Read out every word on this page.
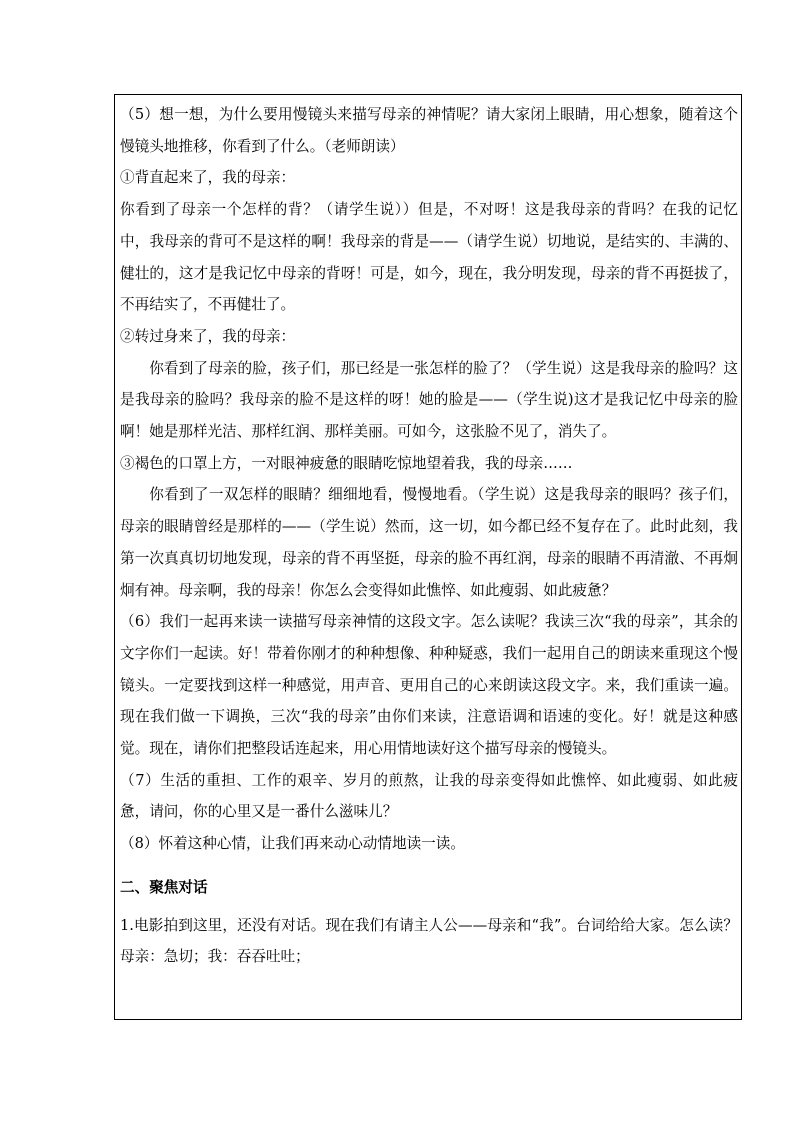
（5）想一想，为什么要用慢镜头来描写母亲的神情呢？请大家闭上眼睛，用心想象，随着这个慢镜头地推移，你看到了什么。（老师朗读）

①背直起来了，我的母亲：

你看到了母亲一个怎样的背？（请学生说））但是，不对呀！这是我母亲的背吗？在我的记忆中，我母亲的背可不是这样的啊！我母亲的背是——（请学生说）切地说，是结实的、丰满的、健壮的，这才是我记忆中母亲的背呀！可是，如今，现在，我分明发现，母亲的背不再挺拔了，不再结实了，不再健壮了。

②转过身来了，我的母亲：

你看到了母亲的脸，孩子们，那已经是一张怎样的脸了？（学生说）这是我母亲的脸吗？这是我母亲的脸吗？我母亲的脸不是这样的呀！她的脸是——（学生说)这才是我记忆中母亲的脸啊！她是那样光洁、那样红润、那样美丽。可如今，这张脸不见了，消失了。

③褐色的口罩上方，一对眼神疲惫的眼睛吃惊地望着我，我的母亲……

你看到了一双怎样的眼睛？细细地看，慢慢地看。（学生说）这是我母亲的眼吗？孩子们，母亲的眼睛曾经是那样的——（学生说）然而，这一切，如今都已经不复存在了。此时此刻，我第一次真真切切地发现，母亲的背不再坚挺，母亲的脸不再红润，母亲的眼睛不再清澈、不再炯炯有神。母亲啊，我的母亲！你怎么会变得如此憔悴、如此瘦弱、如此疲惫？

（6）我们一起再来读一读描写母亲神情的这段文字。怎么读呢？我读三次“我的母亲”，其余的文字你们一起读。好！带着你刚才的种种想像、种种疑惑，我们一起用自己的朗读来重现这个慢镜头。一定要找到这样一种感觉，用声音、更用自己的心来朗读这段文字。来，我们重读一遍。现在我们做一下调换，三次“我的母亲”由你们来读，注意语调和语速的变化。好！就是这种感觉。现在，请你们把整段话连起来，用心用情地读好这个描写母亲的慢镜头。

（7）生活的重担、工作的艰辛、岁月的煎熬，让我的母亲变得如此憔悴、如此瘦弱、如此疲惫，请问，你的心里又是一番什么滋味儿？

（8）怀着这种心情，让我们再来动心动情地读一读。

二、聚焦对话

1.电影拍到这里，还没有对话。现在我们有请主人公——母亲和“我”。台词给给大家。怎么读？母亲：急切；我：吞吞吐吐；
